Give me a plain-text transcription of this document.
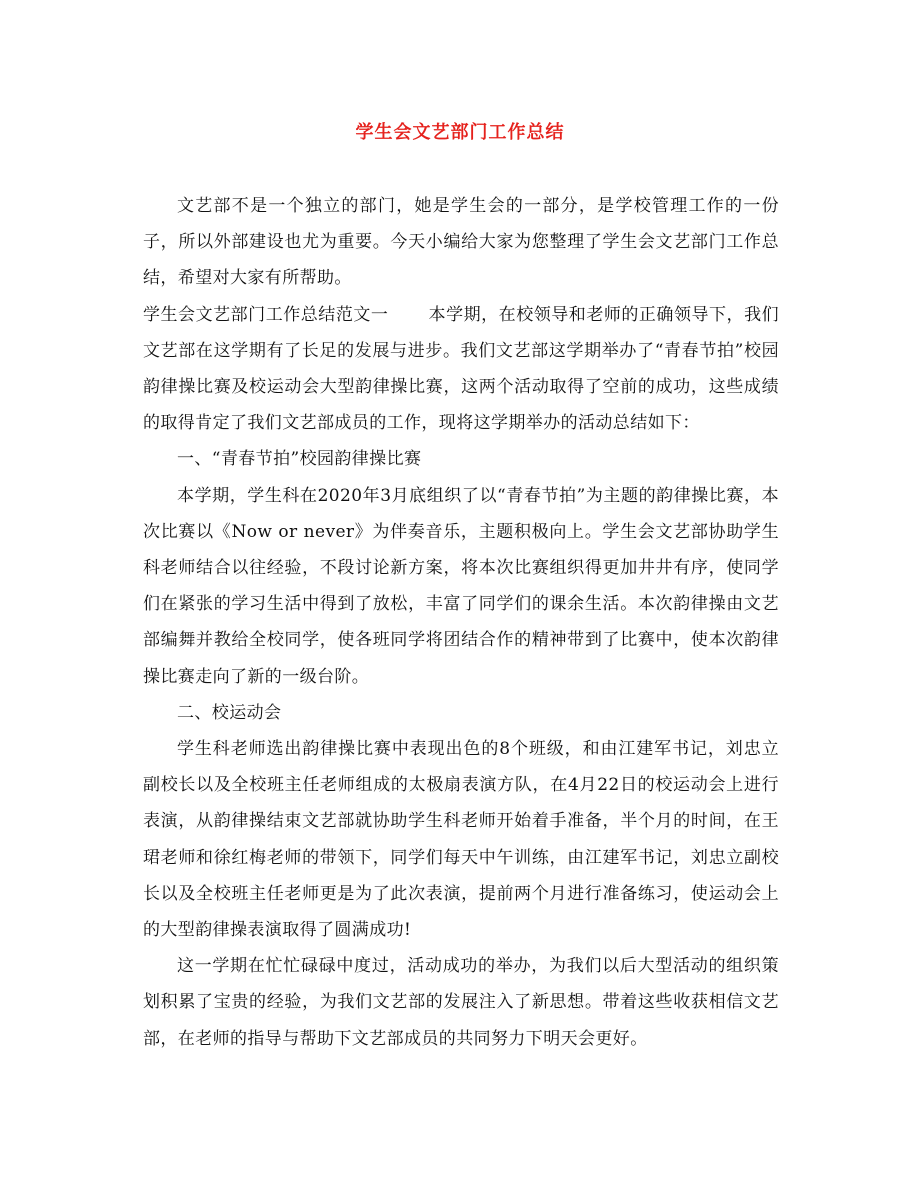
学生会文艺部门工作总结

文艺部不是一个独立的部门，她是学生会的一部分，是学校管理工作的一份子，所以外部建设也尤为重要。今天小编给大家为您整理了学生会文艺部门工作总结，希望对大家有所帮助。

学生会文艺部门工作总结范文一 本学期，在校领导和老师的正确领导下，我们文艺部在这学期有了长足的发展与进步。我们文艺部这学期举办了“青春节拍”校园韵律操比赛及校运动会大型韵律操比赛，这两个活动取得了空前的成功，这些成绩的取得肯定了我们文艺部成员的工作，现将这学期举办的活动总结如下：

一、“青春节拍”校园韵律操比赛

本学期，学生科在2020年3月底组织了以“青春节拍”为主题的韵律操比赛，本次比赛以《Now or never》为伴奏音乐，主题积极向上。学生会文艺部协助学生科老师结合以往经验，不段讨论新方案，将本次比赛组织得更加井井有序，使同学们在紧张的学习生活中得到了放松，丰富了同学们的课余生活。本次韵律操由文艺部编舞并教给全校同学，使各班同学将团结合作的精神带到了比赛中，使本次韵律操比赛走向了新的一级台阶。

二、校运动会

学生科老师选出韵律操比赛中表现出色的8个班级，和由江建军书记，刘忠立副校长以及全校班主任老师组成的太极扇表演方队，在4月22日的校运动会上进行表演，从韵律操结束文艺部就协助学生科老师开始着手准备，半个月的时间，在王珺老师和徐红梅老师的带领下，同学们每天中午训练，由江建军书记，刘忠立副校长以及全校班主任老师更是为了此次表演，提前两个月进行准备练习，使运动会上的大型韵律操表演取得了圆满成功!

这一学期在忙忙碌碌中度过，活动成功的举办，为我们以后大型活动的组织策划积累了宝贵的经验，为我们文艺部的发展注入了新思想。带着这些收获相信文艺部，在老师的指导与帮助下文艺部成员的共同努力下明天会更好。
